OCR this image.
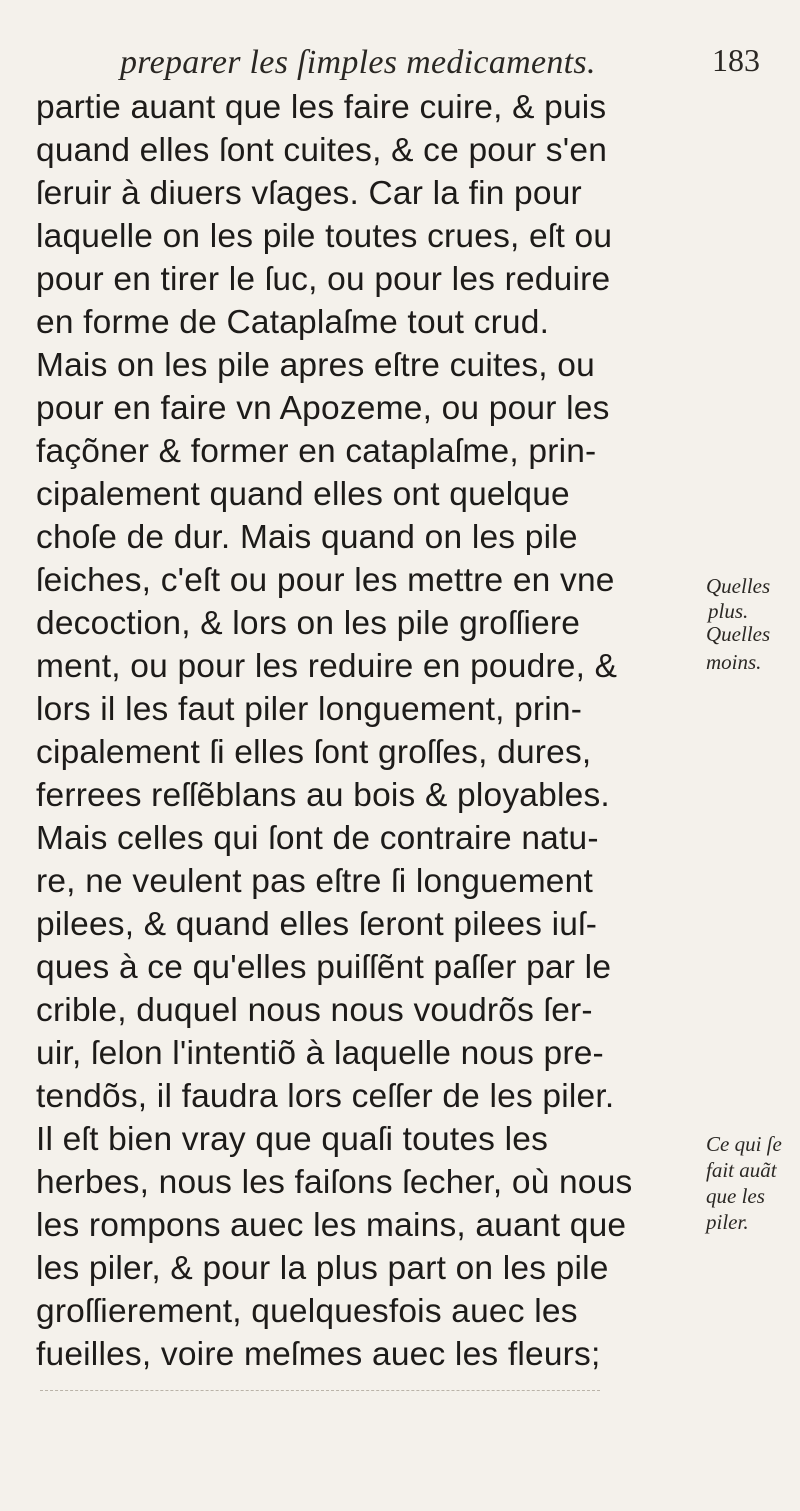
preparer les ſimples medicaments.	183
partie auant que les faire cuire, & puis
quand elles ſont cuites, & ce pour s'en
ſeruir à diuers vſages. Car la fin pour
laquelle on les pile toutes crues, eſt ou
pour en tirer le ſuc, ou pour les reduire
en forme de Cataplaſme tout crud.
Mais on les pile apres eſtre cuites, ou
pour en faire vn Apozeme, ou pour les
façõner & former en cataplaſme, prin-
cipalement quand elles ont quelque
choſe de dur. Mais quand on les pile
ſeiches, c'eſt ou pour les mettre en vne
decoction, & lors on les pile groſſiere
ment, ou pour les reduire en poudre, &
lors il les faut piler longuement, prin-
cipalement ſi elles ſont groſſes, dures,
ferrees reſſẽblans au bois & ployables.
Mais celles qui ſont de contraire natu-
re, ne veulent pas eſtre ſi longuement
pilees, & quand elles ſeront pilees iuſ-
ques à ce qu'elles puiſſẽnt paſſer par le
crible, duquel nous nous voudrõs ſer-
uir, ſelon l'intentiõ à laquelle nous pre-
tendõs, il faudra lors ceſſer de les piler.
Il eſt bien vray que quaſi toutes les
herbes, nous les faiſons ſecher, où nous
les rompons auec les mains, auant que
les piler, & pour la plus part on les pile
groſſierement, quelquesfois auec les
fueilles, voire meſmes auec les fleurs;
Quelles
plus.
Quelles
moins.
Ce qui ſe
fait auãt
que les
piler.
